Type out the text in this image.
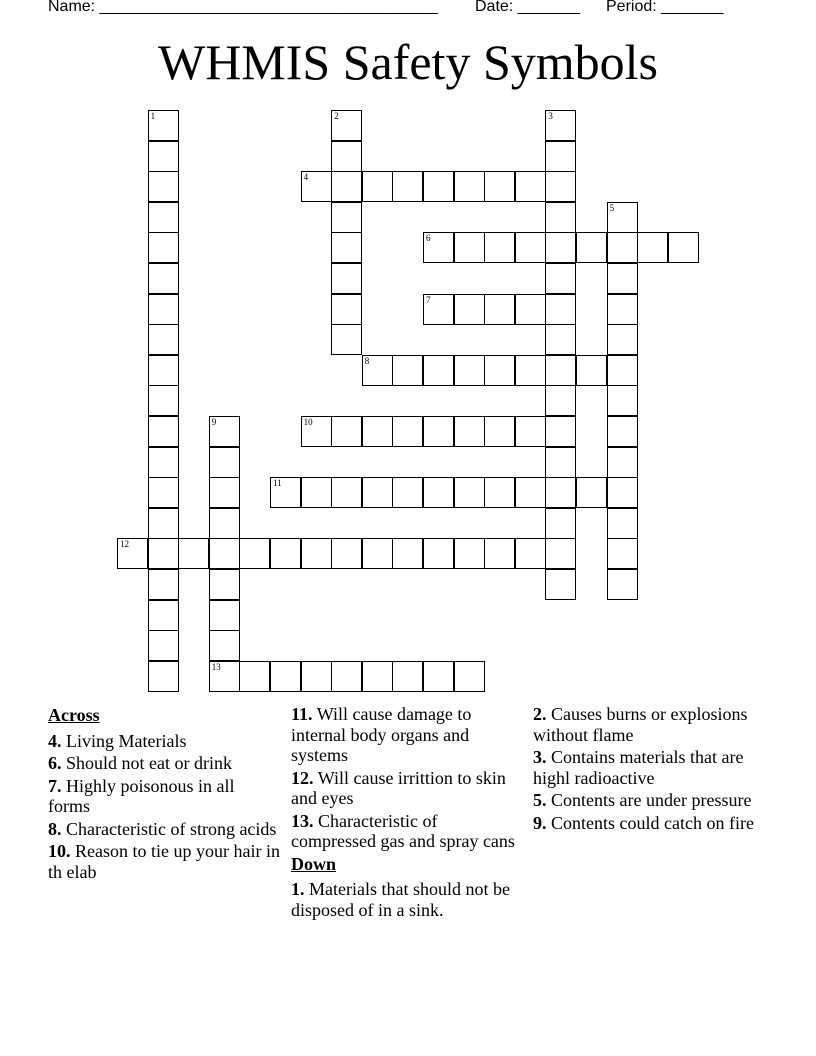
Name: ______________________________________ Date: _______ Period: _______
WHMIS Safety Symbols
1	2	3
4
5
6
7
8
9
13
10
11
12
Across
4. Living Materials
6. Should not eat or drink
7. Highly poisonous in all forms
8. Characteristic of strong acids
10. Reason to tie up your hair in th elab
11. Will cause damage to internal body organs and systems
12. Will cause irrittion to skin and eyes
13. Characteristic of compressed gas and spray cans
Down
1. Materials that should not be disposed of in a sink.
2. Causes burns or explosions without flame
3. Contains materials that are highl radioactive
5. Contents are under pressure
9. Contents could catch on fire
